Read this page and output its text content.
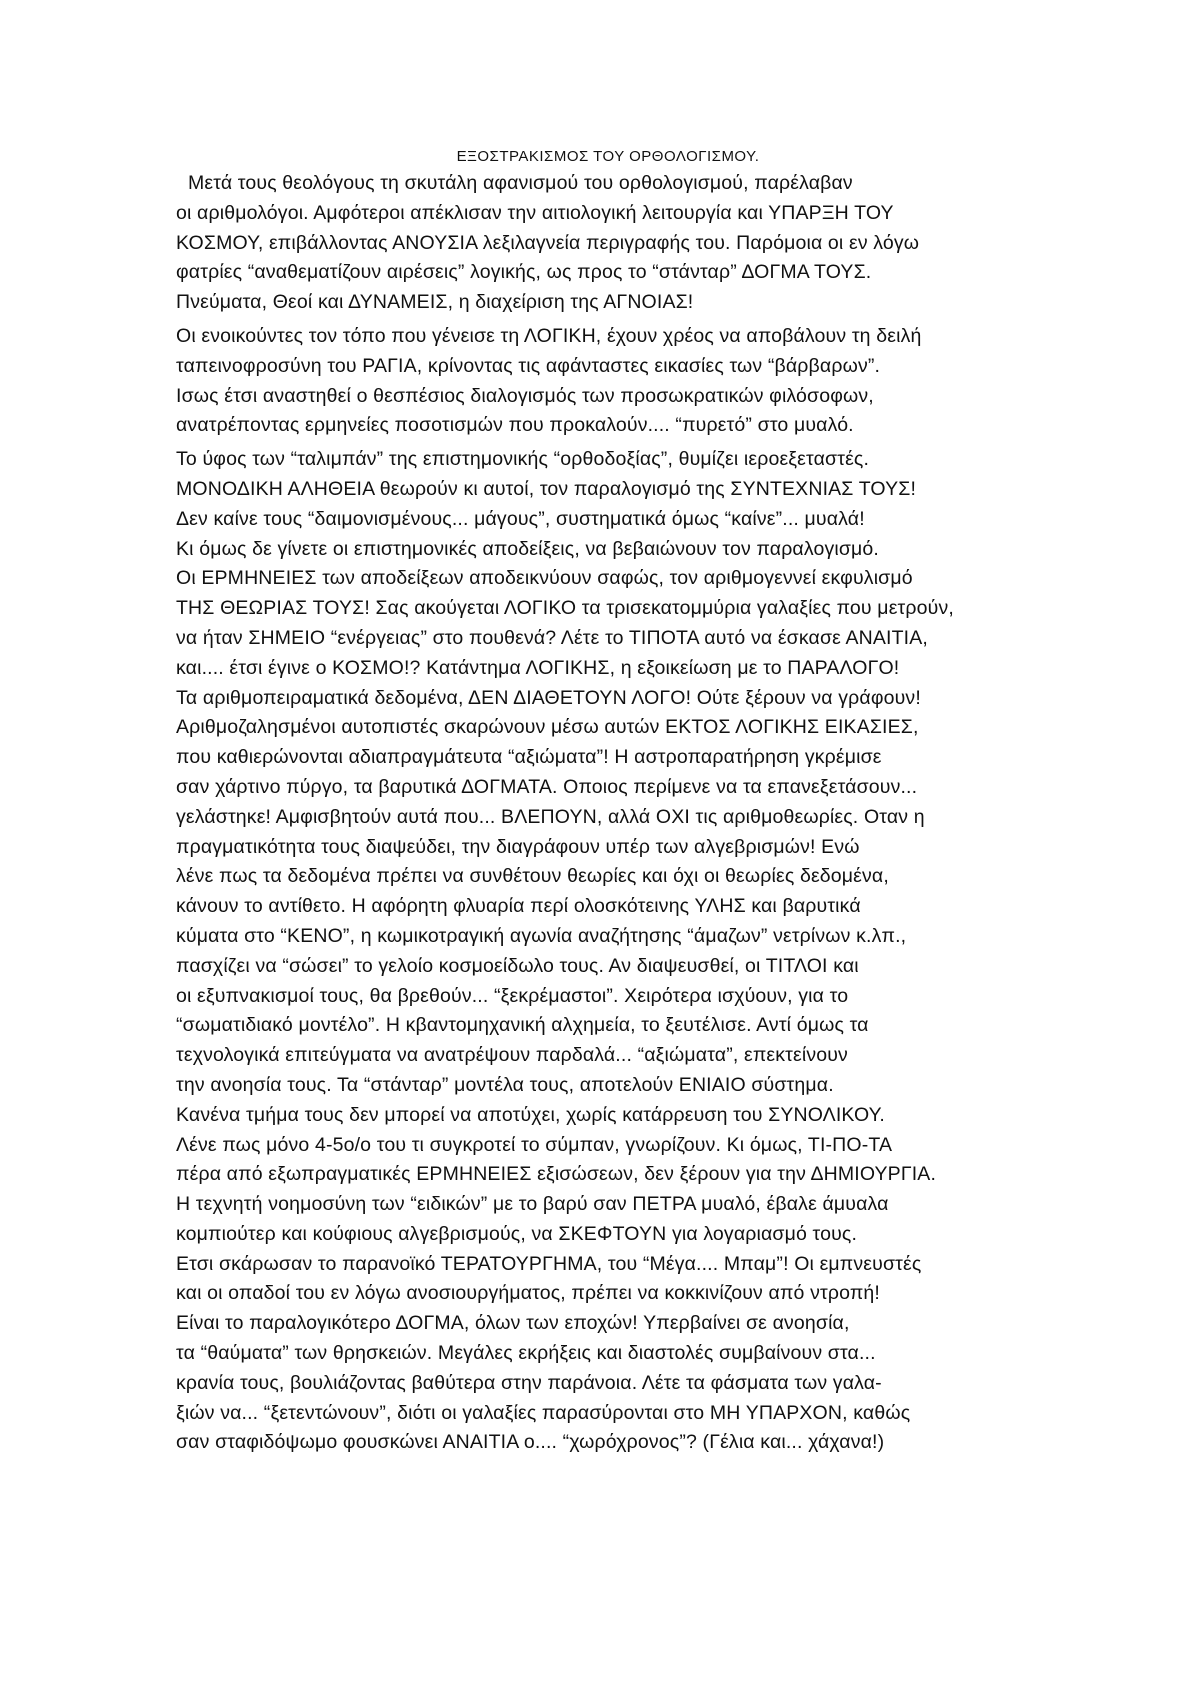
ΕΞΟΣΤΡΑΚΙΣΜΟΣ ΤΟΥ ΟΡΘΟΛΟΓΙΣΜΟΥ.
Μετά τους θεολόγους τη σκυτάλη αφανισμού του ορθολογισμού, παρέλαβαν
οι αριθμολόγοι. Αμφότεροι απέκλισαν την αιτιολογική λειτουργία και ΥΠΑΡΞΗ ΤΟΥ
ΚΟΣΜΟΥ, επιβάλλοντας ΑΝΟΥΣΙΑ λεξιλαγνεία περιγραφής του. Παρόμοια οι εν λόγω
φατρίες “αναθεματίζουν αιρέσεις” λογικής, ως προς το “στάνταρ” ΔΟΓΜΑ ΤΟΥΣ.
Πνεύματα, Θεοί και ΔΥΝΑΜΕΙΣ, η διαχείριση της ΑΓΝΟΙΑΣ!
Οι ενοικούντες τον τόπο που γένεισε τη ΛΟΓΙΚΗ, έχουν χρέος να αποβάλουν τη δειλή
ταπεινοφροσύνη του ΡΑΓΙΑ, κρίνοντας τις αφάνταστες εικασίες των “βάρβαρων”.
Ισως έτσι αναστηθεί ο θεσπέσιος διαλογισμός των προσωκρατικών φιλόσοφων,
ανατρέποντας ερμηνείες ποσοτισμών που προκαλούν.... “πυρετό” στο μυαλό.
Το ύφος των “ταλιμπάν” της επιστημονικής “ορθοδοξίας”, θυμίζει ιεροεξεταστές.
ΜΟΝΟΔΙΚΗ ΑΛΗΘΕΙΑ θεωρούν κι αυτοί, τον παραλογισμό της ΣΥΝΤΕΧΝΙΑΣ ΤΟΥΣ!
Δεν καίνε τους “δαιμονισμένους... μάγους”, συστηματικά όμως “καίνε”... μυαλά!
Κι όμως δε γίνετε οι επιστημονικές αποδείξεις, να βεβαιώνουν τον παραλογισμό.
Οι ΕΡΜΗΝΕΙΕΣ των αποδείξεων αποδεικνύουν σαφώς, τον αριθμογεννεί εκφυλισμό
ΤΗΣ ΘΕΩΡΙΑΣ ΤΟΥΣ! Σας ακούγεται ΛΟΓΙΚΟ τα τρισεκατομμύρια γαλαξίες που μετρούν,
να ήταν ΣΗΜΕΙΟ “ενέργειας” στο πουθενά? Λέτε το ΤΙΠΟΤΑ αυτό να έσκασε ΑΝΑΙΤΙΑ,
και.... έτσι έγινε ο ΚΟΣΜΟ!? Κατάντημα ΛΟΓΙΚΗΣ, η εξοικείωση με το ΠΑΡΑΛΟΓΟ!
Τα αριθμοπειραματικά δεδομένα, ΔΕΝ ΔΙΑΘΕΤΟΥΝ ΛΟΓΟ! Ούτε ξέρουν να γράφουν!
Αριθμοζαλησμένοι αυτοπιστές σκαρώνουν μέσω αυτών ΕΚΤΟΣ ΛΟΓΙΚΗΣ ΕΙΚΑΣΙΕΣ,
που καθιερώνονται αδιαπραγμάτευτα “αξιώματα”! Η αστροπαρατήρηση γκρέμισε
σαν χάρτινο πύργο, τα βαρυτικά ΔΟΓΜΑΤΑ. Οποιος περίμενε να τα επανεξετάσουν...
γελάστηκε! Αμφισβητούν αυτά που... ΒΛΕΠΟΥΝ, αλλά ΟΧΙ τις αριθμοθεωρίες. Οταν η
πραγματικότητα τους διαψεύδει, την διαγράφουν υπέρ των αλγεβρισμών! Ενώ
λένε πως τα δεδομένα πρέπει να συνθέτουν θεωρίες και όχι οι θεωρίες δεδομένα,
κάνουν το αντίθετο. Η αφόρητη φλυαρία περί ολοσκότεινης ΥΛΗΣ και βαρυτικά
κύματα στο “ΚΕΝΟ”, η κωμικοτραγική αγωνία αναζήτησης “άμαζων” νετρίνων κ.λπ.,
πασχίζει να “σώσει” το γελοίο κοσμοείδωλο τους. Αν διαψευσθεί, οι ΤΙΤΛΟΙ και
οι εξυπνακισμοί τους, θα βρεθούν... “ξεκρέμαστοι”. Χειρότερα ισχύουν, για το
“σωματιδιακό μοντέλο”. Η κβαντομηχανική αλχημεία, το ξευτέλισε. Αντί όμως τα
τεχνολογικά επιτεύγματα να ανατρέψουν παρδαλά... “αξιώματα”, επεκτείνουν
την ανοησία τους. Τα “στάνταρ” μοντέλα τους, αποτελούν ΕΝΙΑΙΟ σύστημα.
Κανένα τμήμα τους δεν μπορεί να αποτύχει, χωρίς κατάρρευση του ΣΥΝΟΛΙΚΟΥ.
Λένε πως μόνο 4-5ο/ο του τι συγκροτεί το σύμπαν, γνωρίζουν. Κι όμως, ΤΙ-ΠΟ-ΤΑ
πέρα από εξωπραγματικές ΕΡΜΗΝΕΙΕΣ εξισώσεων, δεν ξέρουν για την ΔΗΜΙΟΥΡΓΙΑ.
Η τεχνητή νοημοσύνη των “ειδικών” με το βαρύ σαν ΠΕΤΡΑ μυαλό, έβαλε άμυαλα
κομπιούτερ και κούφιους αλγεβρισμούς, να ΣΚΕΦΤΟΥΝ για λογαριασμό τους.
Ετσι σκάρωσαν το παρανοϊκό ΤΕΡΑΤΟΥΡΓΗΜΑ, του “Μέγα.... Μπαμ”! Οι εμπνευστές
και οι οπαδοί του εν λόγω ανοσιουργήματος, πρέπει να κοκκινίζουν από ντροπή!
Είναι το παραλογικότερο ΔΟΓΜΑ, όλων των εποχών! Υπερβαίνει σε ανοησία,
τα “θαύματα” των θρησκειών. Μεγάλες εκρήξεις και διαστολές συμβαίνουν στα...
κρανία τους, βουλιάζοντας βαθύτερα στην παράνοια. Λέτε τα φάσματα των γαλα-
ξιών να... “ξετεντώνουν”, διότι οι γαλαξίες παρασύρονται στο ΜΗ ΥΠΑΡΧΟΝ, καθώς
σαν σταφιδόψωμο φουσκώνει ΑΝΑΙΤΙΑ ο.... “χωρόχρονος”? (Γέλια και... χάχανα!)
